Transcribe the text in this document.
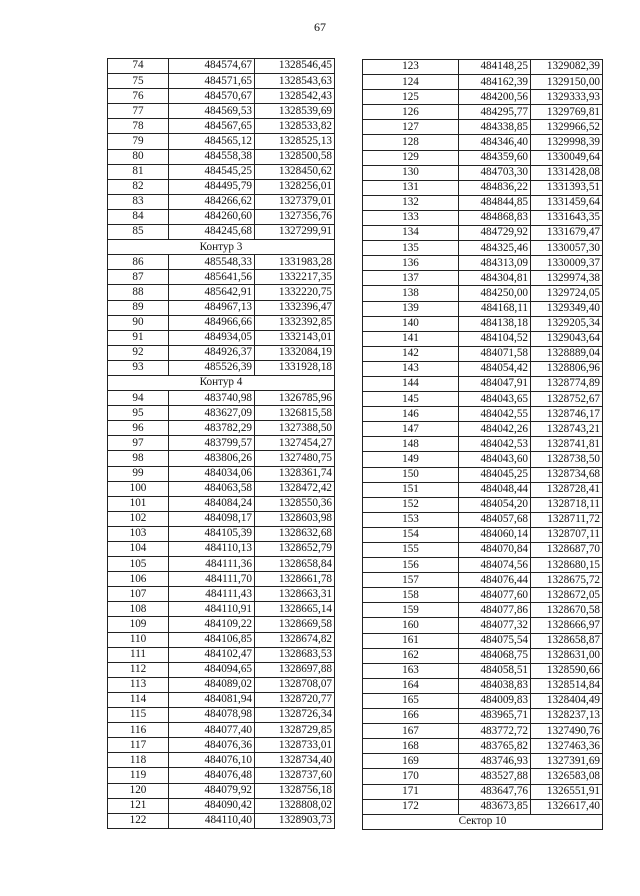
67
74	484574,67	1328546,45
75	484571,65	1328543,63
76	484570,67	1328542,43
77	484569,53	1328539,69
78	484567,65	1328533,82
79	484565,12	1328525,13
80	484558,38	1328500,58
81	484545,25	1328450,62
82	484495,79	1328256,01
83	484266,62	1327379,01
84	484260,60	1327356,76
85	484245,68	1327299,91
Контур 3		
86	485548,33	1331983,28
87	485641,56	1332217,35
88	485642,91	1332220,75
89	484967,13	1332396,47
90	484966,66	1332392,85
91	484934,05	1332143,01
92	484926,37	1332084,19
93	485526,39	1331928,18
Контур 4		
94	483740,98	1326785,96
95	483627,09	1326815,58
96	483782,29	1327388,50
97	483799,57	1327454,27
98	483806,26	1327480,75
99	484034,06	1328361,74
100	484063,58	1328472,42
101	484084,24	1328550,36
102	484098,17	1328603,98
103	484105,39	1328632,68
104	484110,13	1328652,79
105	484111,36	1328658,84
106	484111,70	1328661,78
107	484111,43	1328663,31
108	484110,91	1328665,14
109	484109,22	1328669,58
110	484106,85	1328674,82
111	484102,47	1328683,53
112	484094,65	1328697,88
113	484089,02	1328708,07
114	484081,94	1328720,77
115	484078,98	1328726,34
116	484077,40	1328729,85
117	484076,36	1328733,01
118	484076,10	1328734,40
119	484076,48	1328737,60
120	484079,92	1328756,18
121	484090,42	1328808,02
122	484110,40	1328903,73
123	484148,25	1329082,39
124	484162,39	1329150,00
125	484200,56	1329333,93
126	484295,77	1329769,81
127	484338,85	1329966,52
128	484346,40	1329998,39
129	484359,60	1330049,64
130	484703,30	1331428,08
131	484836,22	1331393,51
132	484844,85	1331459,64
133	484868,83	1331643,35
134	484729,92	1331679,47
135	484325,46	1330057,30
136	484313,09	1330009,37
137	484304,81	1329974,38
138	484250,00	1329724,05
139	484168,11	1329349,40
140	484138,18	1329205,34
141	484104,52	1329043,64
142	484071,58	1328889,04
143	484054,42	1328806,96
144	484047,91	1328774,89
145	484043,65	1328752,67
146	484042,55	1328746,17
147	484042,26	1328743,21
148	484042,53	1328741,81
149	484043,60	1328738,50
150	484045,25	1328734,68
151	484048,44	1328728,41
152	484054,20	1328718,11
153	484057,68	1328711,72
154	484060,14	1328707,11
155	484070,84	1328687,70
156	484074,56	1328680,15
157	484076,44	1328675,72
158	484077,60	1328672,05
159	484077,86	1328670,58
160	484077,32	1328666,97
161	484075,54	1328658,87
162	484068,75	1328631,00
163	484058,51	1328590,66
164	484038,83	1328514,84
165	484009,83	1328404,49
166	483965,71	1328237,13
167	483772,72	1327490,76
168	483765,82	1327463,36
169	483746,93	1327391,69
170	483527,88	1326583,08
171	483647,76	1326551,91
172	483673,85	1326617,40
Сектор 10		
